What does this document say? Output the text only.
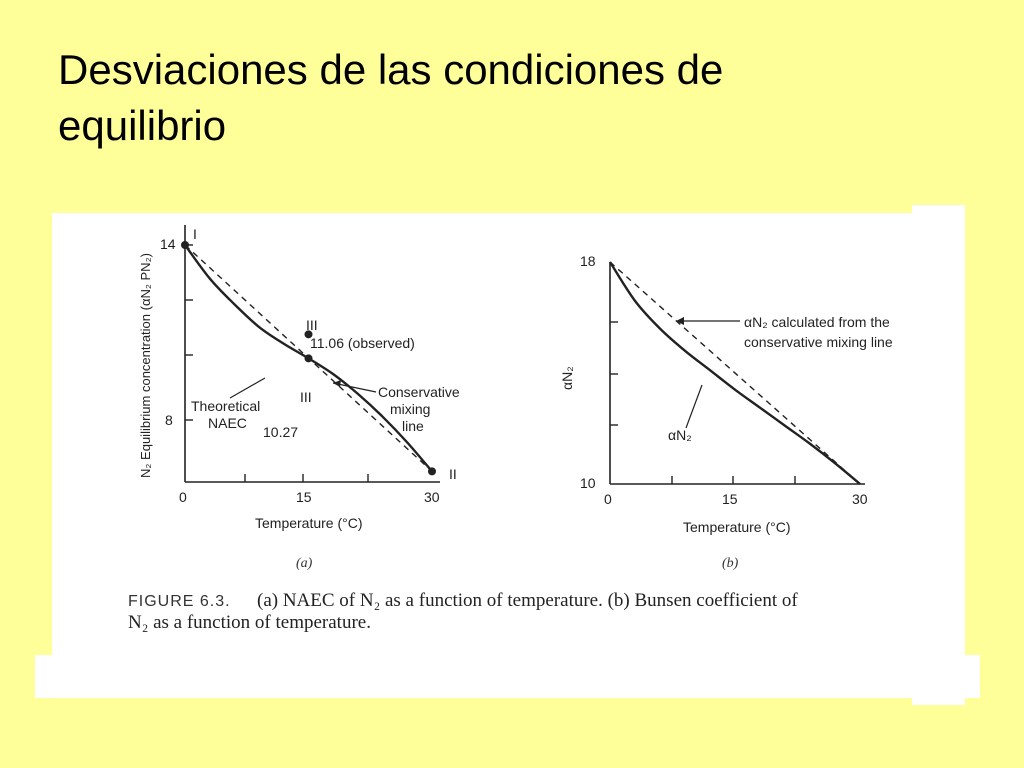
Desviaciones de las condiciones de
equilibrio
14
8
0	15	30
Temperature (°C)
N₂ Equilibrium concentration (αN₂ PN₂)
I
II
III
11.06 (observed)
III
10.27
Theoretical
NAEC
Conservative
mixing
line
(a)
18
10
0	15	30
Temperature (°C)
αN₂
αN₂ calculated from the
conservative mixing line
αN₂
(b)
FIGURE 6.3. (a) NAEC of N₂ as a function of temperature. (b) Bunsen coefficient of
N₂ as a function of temperature.
